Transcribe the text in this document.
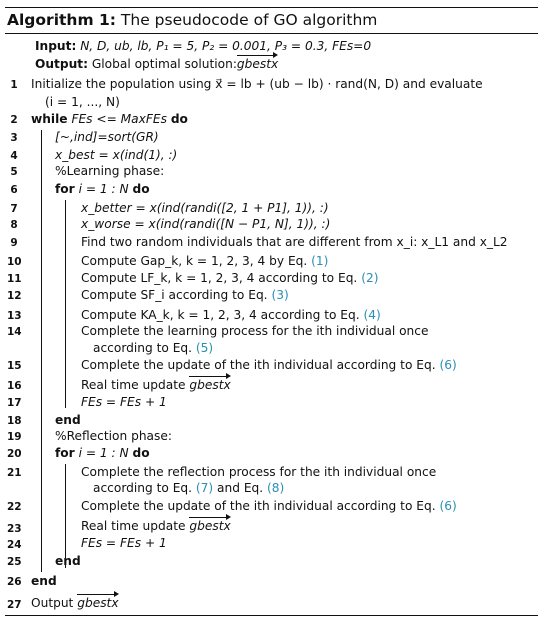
Algorithm 1: The pseudocode of GO algorithm
Input: N, D, ub, lb, P₁ = 5, P₂ = 0.001, P₃ = 0.3, FEs=0
Output: Global optimal solution:gbestx
1 Initialize the population using x⃗ = lb + (ub − lb) · rand(N, D) and evaluate
(i = 1, ..., N)
2 while FEs <= MaxFEs do
3	[~,ind]=sort(GR)
4	x_best = x(ind(1), :)
5	%Learning phase:
6	for i = 1 : N do
7	x_better = x(ind(randi([2, 1 + P1], 1)), :)
8	x_worse = x(ind(randi([N − P1, N], 1)), :)
9	Find two random individuals that are different from x_i: x_L1 and x_L2
10	Compute Gap_k, k = 1, 2, 3, 4 by Eq. (1)
11	Compute LF_k, k = 1, 2, 3, 4 according to Eq. (2)
12	Compute SF_i according to Eq. (3)
13	Compute KA_k, k = 1, 2, 3, 4 according to Eq. (4)
14	Complete the learning process for the ith individual once
according to Eq. (5)
15	Complete the update of the ith individual according to Eq. (6)
16	Real time update gbestx
17	FEs = FEs + 1
18	end
19	%Reflection phase:
20	for i = 1 : N do
21	Complete the reflection process for the ith individual once
according to Eq. (7) and Eq. (8)
22	Complete the update of the ith individual according to Eq. (6)
23	Real time update gbestx
24	FEs = FEs + 1
25	end
26 end
27 Output gbestx
